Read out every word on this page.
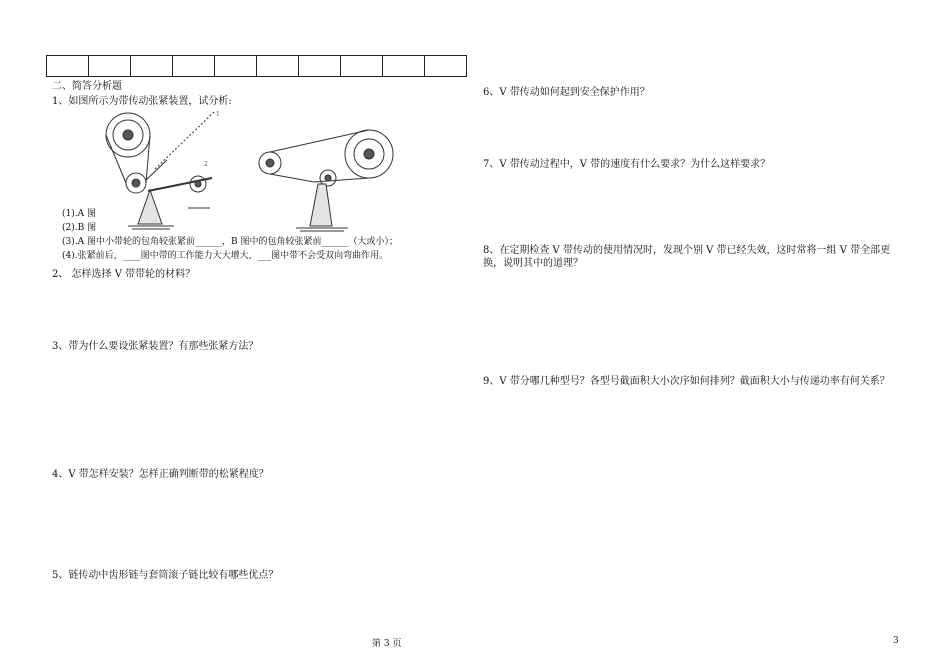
二、简答分析题
1、如图所示为带传动张紧装置，试分析:
1
2
(1).A 图
(2).B 图
(3).A 图中小带轮的包角较张紧前______，B 图中的包角较张紧前______（大或小）；
(4).张紧前后，____图中带的工作能力大大增大，___图中带不会受双向弯曲作用。
2、 怎样选择 V 带带轮的材料？
3、带为什么要设张紧装置？有那些张紧方法？
4、V 带怎样安装？怎样正确判断带的松紧程度？
5、链传动中齿形链与套筒滚子链比较有哪些优点？
6、V 带传动如何起到安全保护作用？
7、V 带传动过程中，V 带的速度有什么要求？为什么这样要求？
8、在定期检查 V 带传动的使用情况时，发现个别 V 带已经失效，这时常将一组 V 带全部更换，说明其中的道理？
9、V 带分哪几种型号？各型号截面积大小次序如何排列？截面积大小与传递功率有何关系？
第 3 页	3
